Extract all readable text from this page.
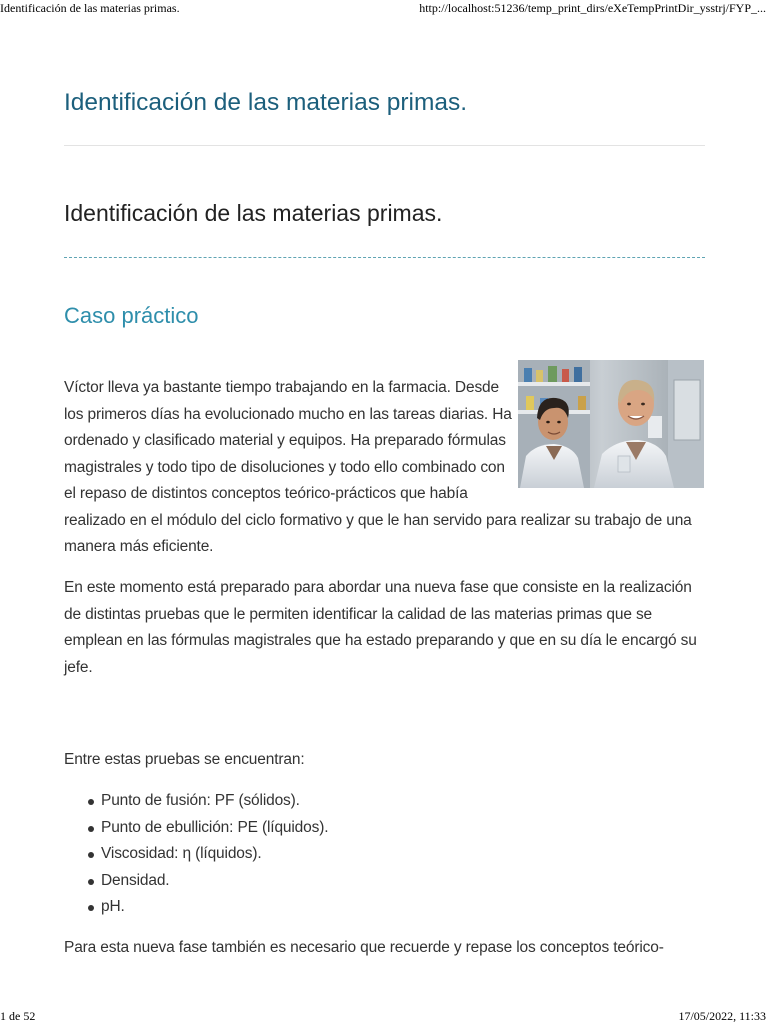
Identificación de las materias primas.	http://localhost:51236/temp_print_dirs/eXeTempPrintDir_ysstrj/FYP_...
Identificación de las materias primas.
Identificación de las materias primas.
Caso práctico

Víctor lleva ya bastante tiempo trabajando en la farmacia. Desde
los primeros días ha evolucionado mucho en las tareas diarias. Ha
ordenado y clasificado material y equipos. Ha preparado fórmulas
magistrales y todo tipo de disoluciones y todo ello combinado con
el repaso de distintos conceptos teórico-prácticos que había
realizado en el módulo del ciclo formativo y que le han servido para realizar su trabajo de una
manera más eficiente.

En este momento está preparado para abordar una nueva fase que consiste en la realización
de distintas pruebas que le permiten identificar la calidad de las materias primas que se
emplean en las fórmulas magistrales que ha estado preparando y que en su día le encargó su
jefe.

Entre estas pruebas se encuentran:

Punto de fusión: PF (sólidos).
Punto de ebullición: PE (líquidos).
Viscosidad: η (líquidos).
Densidad.
pH.

Para esta nueva fase también es necesario que recuerde y repase los conceptos teórico-

1 de 52	17/05/2022, 11:33
